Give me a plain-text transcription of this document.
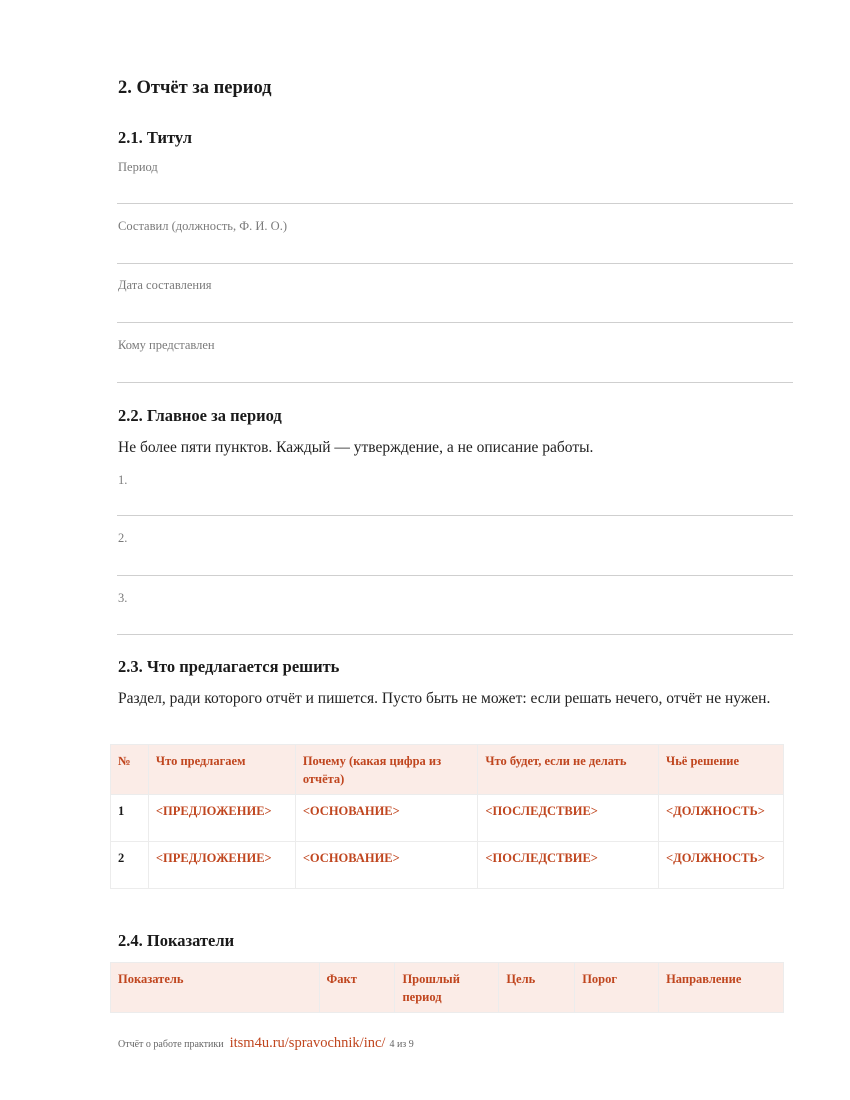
2. Отчёт за период
2.1. Титул
Период
Составил (должность, Ф. И. О.)
Дата составления
Кому представлен
2.2. Главное за период

Не более пяти пунктов. Каждый — утверждение, а не описание работы.

1.
2.
3.
2.3. Что предлагается решить

Раздел, ради которого отчёт и пишется. Пусто быть не может: если решать нечего, отчёт не нужен.

№	Что предлагаем	Почему (какая цифра из отчёта)	Что будет, если не делать	Чьё решение
1	<ПРЕДЛОЖЕНИЕ>	<ОСНОВАНИЕ>	<ПОСЛЕДСТВИЕ>	<ДОЛЖНОСТЬ>
2	<ПРЕДЛОЖЕНИЕ>	<ОСНОВАНИЕ>	<ПОСЛЕДСТВИЕ>	<ДОЛЖНОСТЬ>
2.4. Показатели
Показатель	Факт	Прошлый период	Цель	Порог	Направление
Отчёт о работе практики itsm4u.ru/spravochnik/inc/ 4 из 9
